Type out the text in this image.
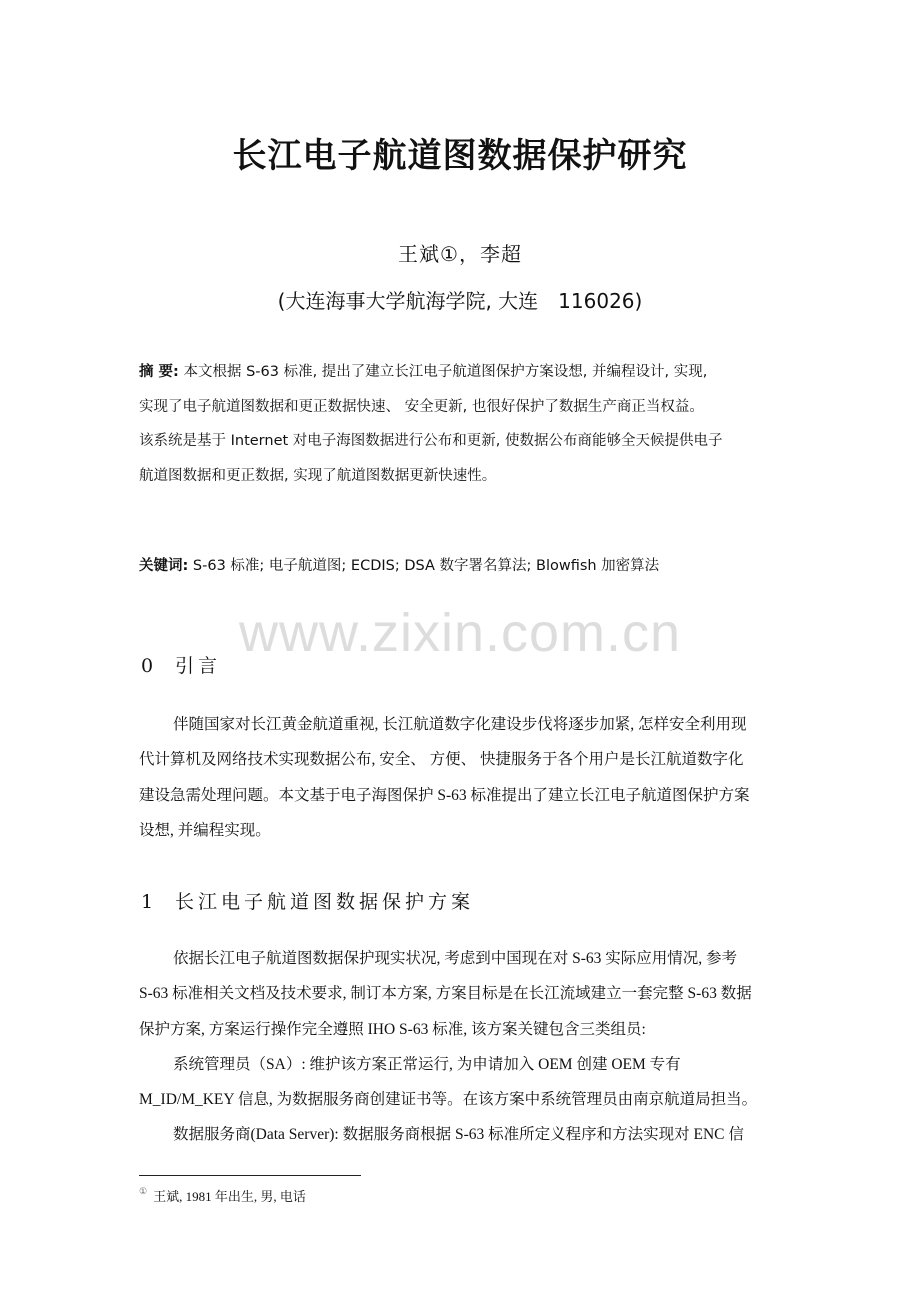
长江电子航道图数据保护研究
王斌①，李超
(大连海事大学航海学院, 大连　116026)
摘 要: 本文根据 S-63 标准, 提出了建立长江电子航道图保护方案设想, 并编程设计, 实现,
实现了电子航道图数据和更正数据快速、 安全更新, 也很好保护了数据生产商正当权益。
该系统是基于 Internet 对电子海图数据进行公布和更新, 使数据公布商能够全天候提供电子
航道图数据和更正数据, 实现了航道图数据更新快速性。
关键词: S-63 标准; 电子航道图; ECDIS; DSA 数字署名算法; Blowfish 加密算法
www.zixin.com.cn
0 引言
伴随国家对长江黄金航道重视, 长江航道数字化建设步伐将逐步加紧, 怎样安全利用现
代计算机及网络技术实现数据公布, 安全、 方便、 快捷服务于各个用户是长江航道数字化
建设急需处理问题。本文基于电子海图保护 S-63 标准提出了建立长江电子航道图保护方案
设想, 并编程实现。
1 长江电子航道图数据保护方案
依据长江电子航道图数据保护现实状况, 考虑到中国现在对 S-63 实际应用情况, 参考
S-63 标准相关文档及技术要求, 制订本方案, 方案目标是在长江流域建立一套完整 S-63 数据
保护方案, 方案运行操作完全遵照 IHO S-63 标准, 该方案关键包含三类组员:
系统管理员（SA）: 维护该方案正常运行, 为申请加入 OEM 创建 OEM 专有
M_ID/M_KEY 信息, 为数据服务商创建证书等。在该方案中系统管理员由南京航道局担当。
数据服务商(Data Server): 数据服务商根据 S-63 标准所定义程序和方法实现对 ENC 信
① 王斌, 1981 年出生, 男, 电话
